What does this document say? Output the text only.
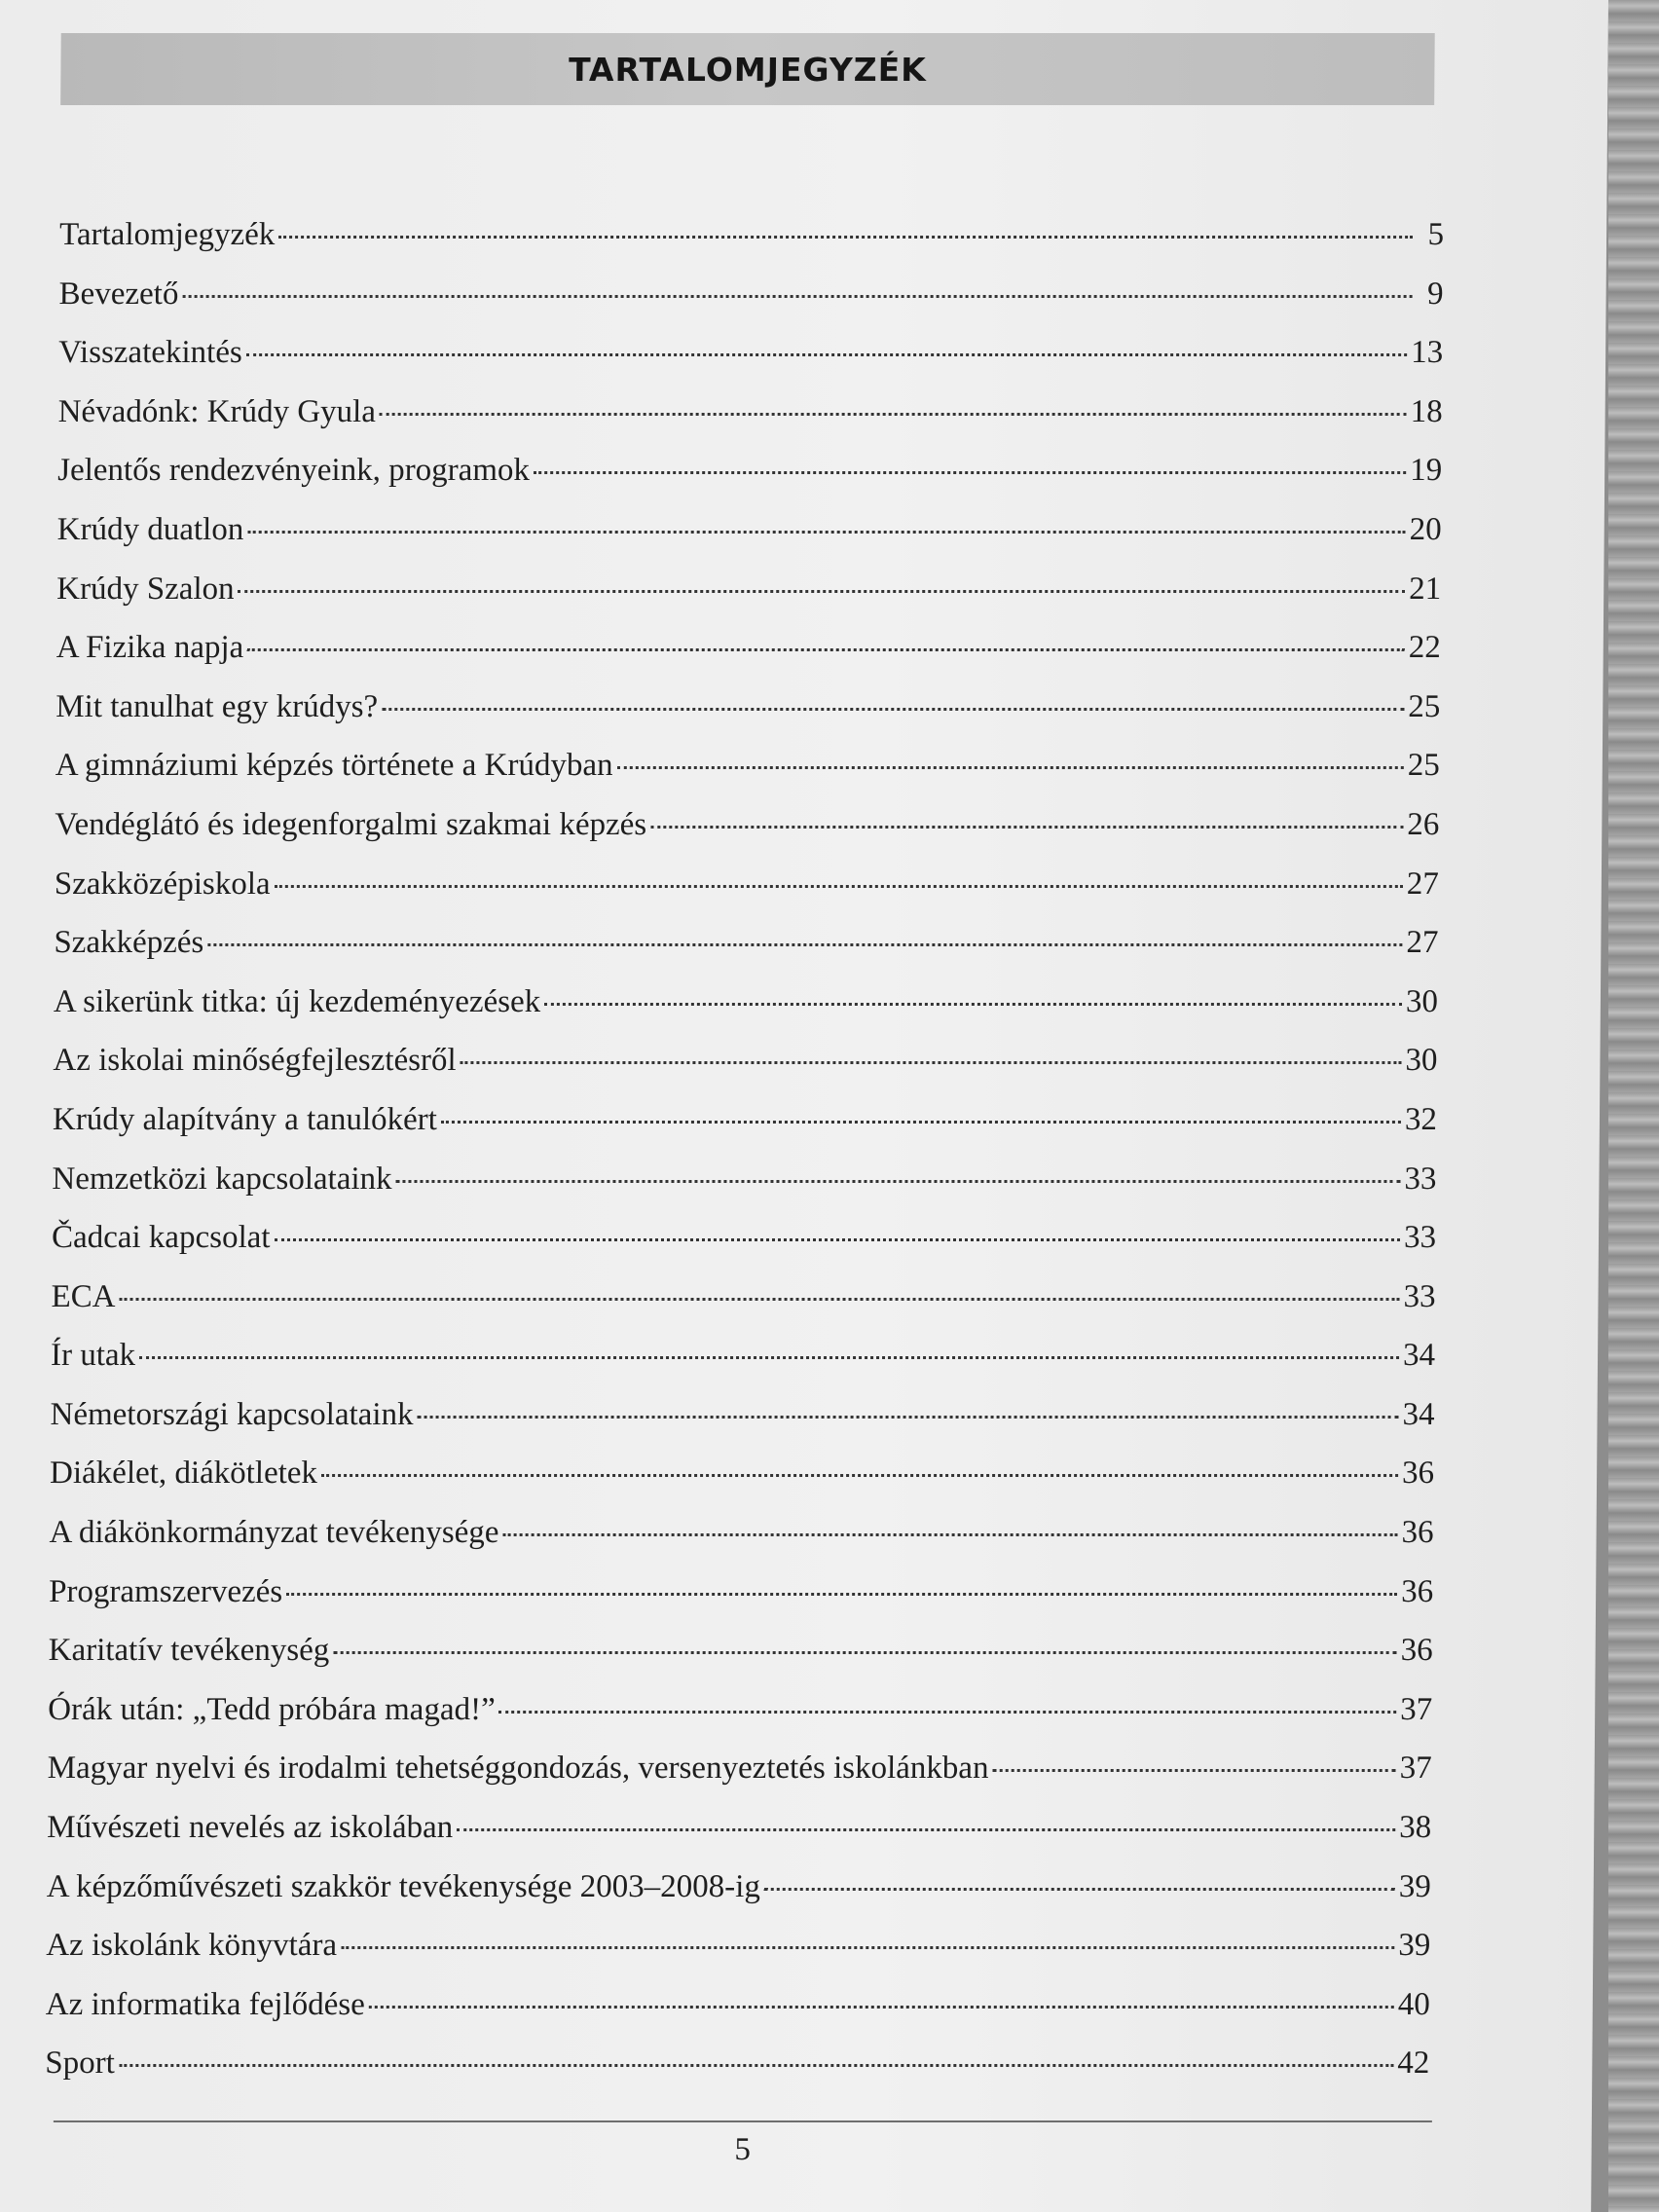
TARTALOMJEGYZÉK
Tartalomjegyzék	5
Bevezető	9
Visszatekintés	13
Névadónk: Krúdy Gyula	18
Jelentős rendezvényeink, programok	19
Krúdy duatlon	20
Krúdy Szalon	21
A Fizika napja	22
Mit tanulhat egy krúdys?	25
A gimnáziumi képzés története a Krúdyban	25
Vendéglátó és idegenforgalmi szakmai képzés	26
Szakközépiskola	27
Szakképzés	27
A sikerünk titka: új kezdeményezések	30
Az iskolai minőségfejlesztésről	30
Krúdy alapítvány a tanulókért	32
Nemzetközi kapcsolataink	33
Čadcai kapcsolat	33
ECA	33
Ír utak	34
Németországi kapcsolataink	34
Diákélet, diákötletek	36
A diákönkormányzat tevékenysége	36
Programszervezés	36
Karitatív tevékenység	36
Órák után: „Tedd próbára magad!”	37
Magyar nyelvi és irodalmi tehetséggondozás, versenyeztetés iskolánkban	37
Művészeti nevelés az iskolában	38
A képzőművészeti szakkör tevékenysége 2003–2008-ig	39
Az iskolánk könyvtára	39
Az informatika fejlődése	40
Sport	42
5
